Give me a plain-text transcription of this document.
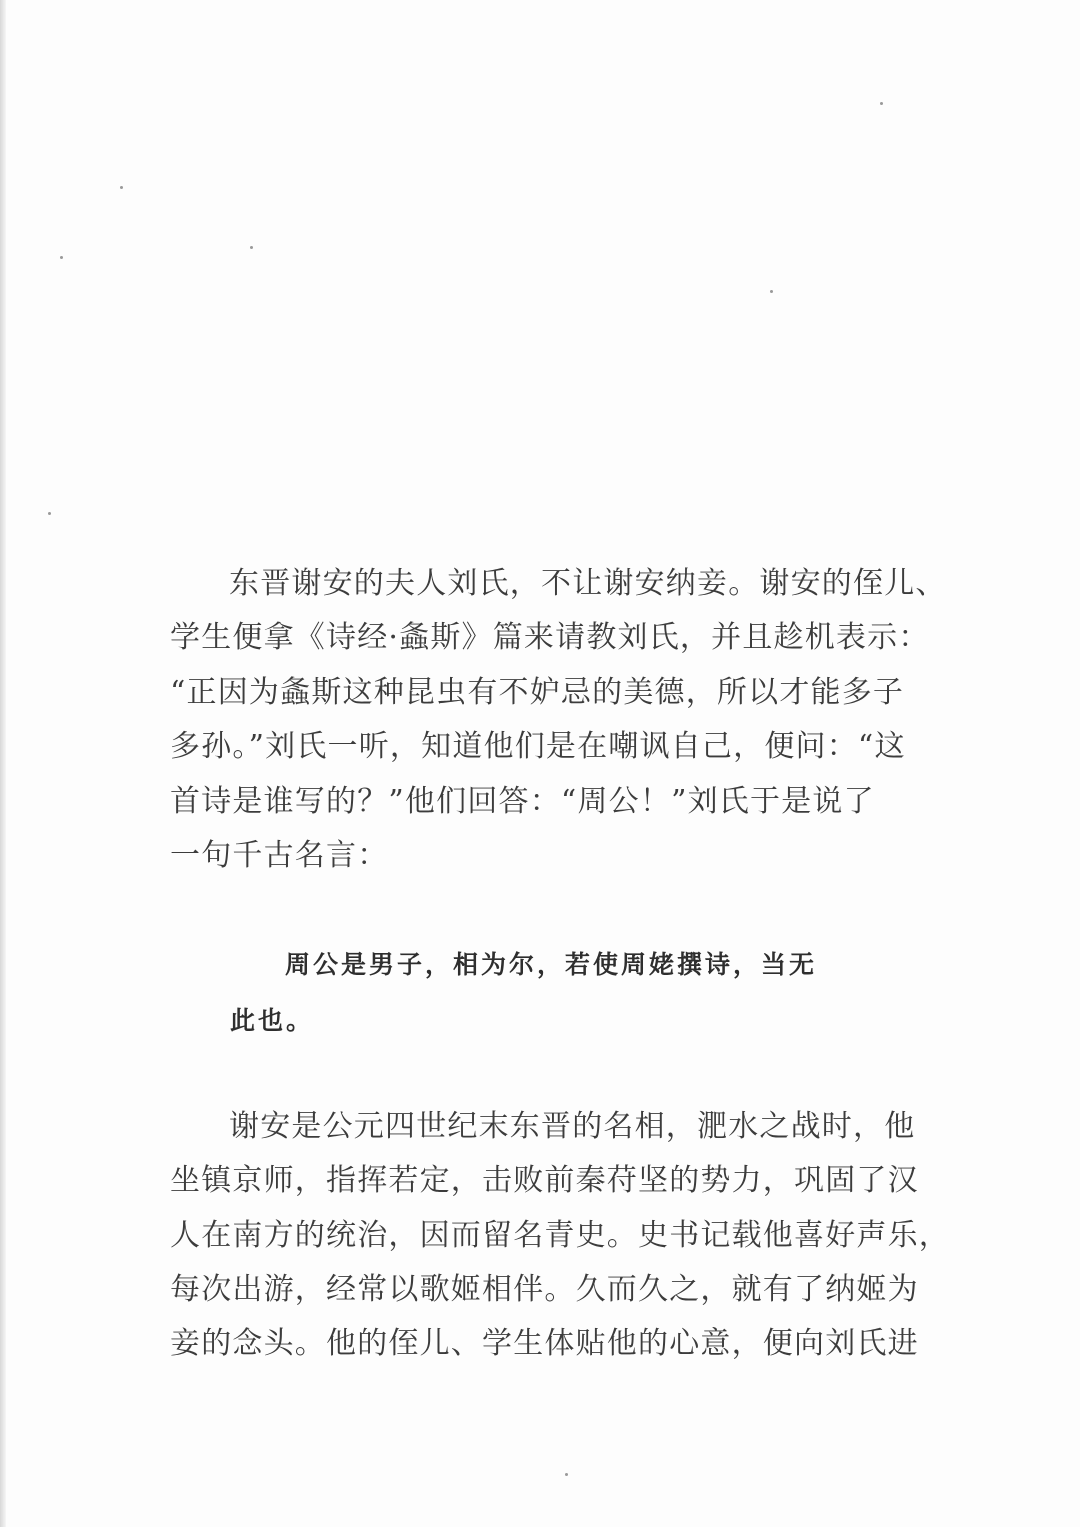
东晋谢安的夫人刘氏，不让谢安纳妾。谢安的侄儿、
学生便拿《诗经·螽斯》篇来请教刘氏，并且趁机表示：
“正因为螽斯这种昆虫有不妒忌的美德，所以才能多子
多孙。”刘氏一听，知道他们是在嘲讽自己，便问：“这
首诗是谁写的？”他们回答：“周公！”刘氏于是说了
一句千古名言：
周公是男子，相为尔，若使周姥撰诗，当无
此也。
谢安是公元四世纪末东晋的名相，淝水之战时，他
坐镇京师，指挥若定，击败前秦苻坚的势力，巩固了汉
人在南方的统治，因而留名青史。史书记载他喜好声乐，
每次出游，经常以歌姬相伴。久而久之，就有了纳姬为
妾的念头。他的侄儿、学生体贴他的心意，便向刘氏进
